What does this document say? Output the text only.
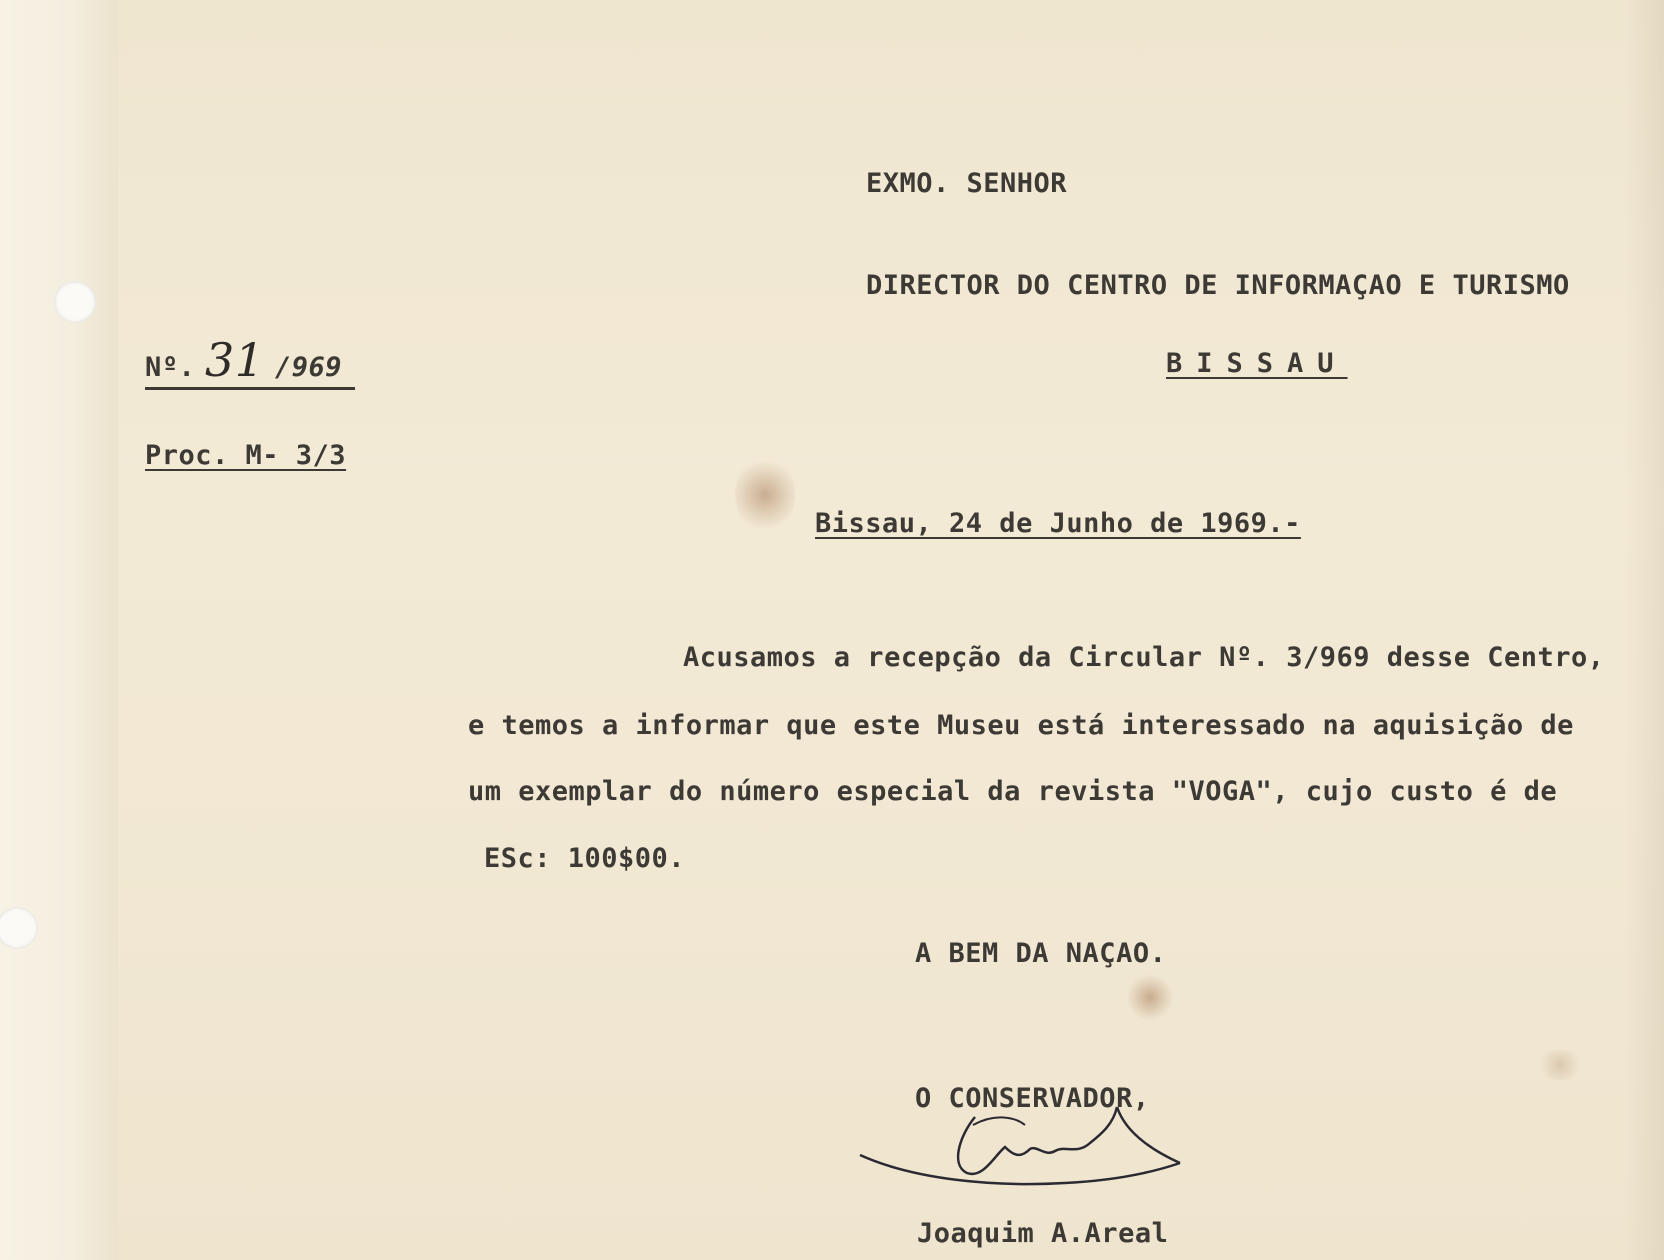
EXMO. SENHOR
DIRECTOR DO CENTRO DE INFORMAÇAO E TURISMO
BISSAU
Nº. 31 /969
Proc. M- 3/3
Bissau, 24 de Junho de 1969.-
Acusamos a recepção da Circular Nº. 3/969 desse Centro,
e temos a informar que este Museu está interessado na aquisição de
um exemplar do número especial da revista "VOGA", cujo custo é de
ESc: 100$00.
A BEM DA NAÇAO.
O CONSERVADOR,
Joaquim A.Areal
